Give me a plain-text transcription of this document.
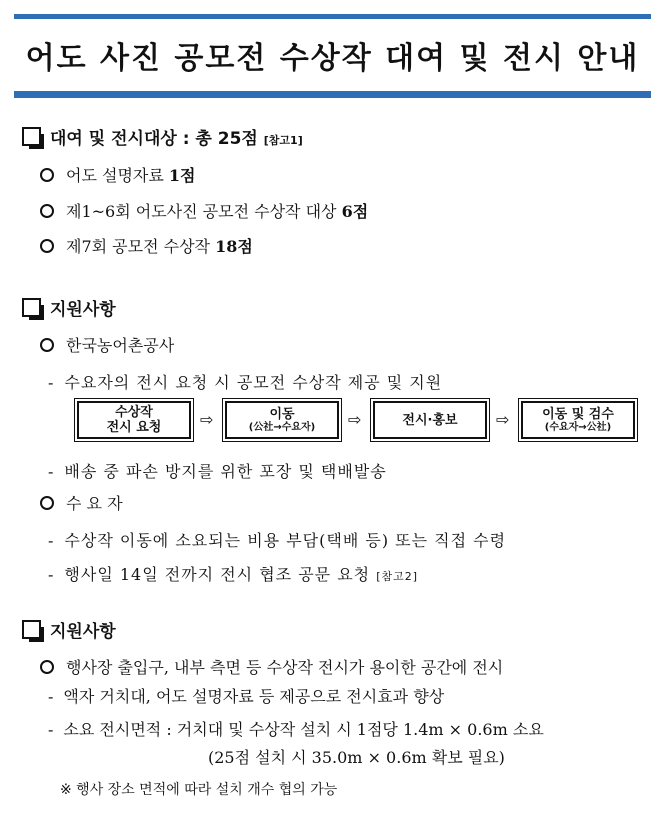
어도 사진 공모전 수상작 대여 및 전시 안내
대여 및 전시대상 : 총 25점 [참고1]
어도 설명자료 1점
제1~6회 어도사진 공모전 수상작 대상 6점
제7회 공모전 수상작 18점
지원사항
한국농어촌공사
- 수요자의 전시 요청 시 공모전 수상작 제공 및 지원
수상작
전시 요청 ⇨	이동
(公社→수요자) ⇨	전시·홍보 ⇨	이동 및 검수
(수요자→公社)
- 배송 중 파손 방지를 위한 포장 및 택배발송
수 요 자
- 수상작 이동에 소요되는 비용 부담(택배 등) 또는 직접 수령
- 행사일 14일 전까지 전시 협조 공문 요청 [참고2]
지원사항
행사장 출입구, 내부 측면 등 수상작 전시가 용이한 공간에 전시
- 액자 거치대, 어도 설명자료 등 제공으로 전시효과 향상
- 소요 전시면적 : 거치대 및 수상작 설치 시 1점당 1.4m × 0.6m 소요
(25점 설치 시 35.0m × 0.6m 확보 필요)
※ 행사 장소 면적에 따라 설치 개수 협의 가능
